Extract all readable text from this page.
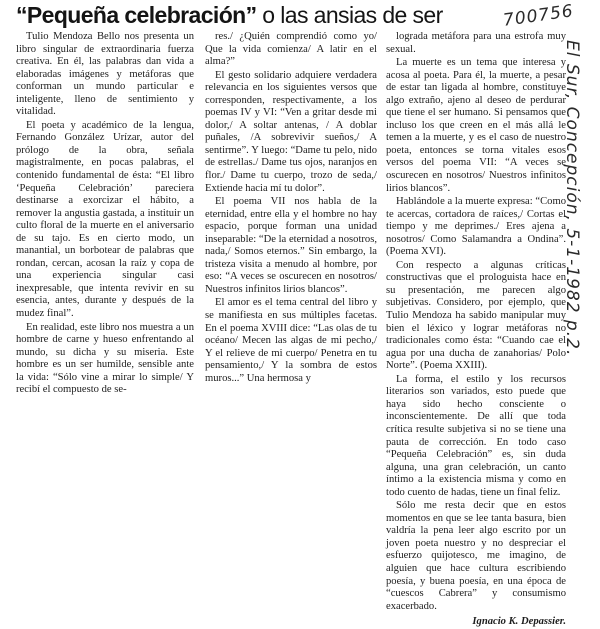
“Pequeña celebración” o las ansias de ser	700756
El Sur, Concepción, 5-1-1982 p.2.

Tulio Mendoza Bello nos presenta un libro singular de extraordinaria fuerza creativa. En él, las palabras dan vida a elaboradas imágenes y metáforas que conforman un mundo particular e inteligente, lleno de sentimiento y vitalidad.

El poeta y académico de la lengua, Fernando González Urízar, autor del prólogo de la obra, señala magistralmente, en pocas palabras, el contenido fundamental de ésta: “El libro ‘Pequeña Celebración’ pareciera destinarse a exorcizar el hábito, a remover la angustia gastada, a instituir un culto floral de la muerte en el aniversario de su tajo. Es en cierto modo, un manantial, un borbotear de palabras que rondan, cercan, acosan la raíz y copa de una experiencia singular casi inexpresable, que intenta revivir en su esencia, antes, durante y después de la mudez final”.

En realidad, este libro nos muestra a un hombre de carne y hueso enfrentando al mundo, su dicha y su miseria. Este hombre es un ser humilde, sensible ante la vida: “Sólo vine a mirar lo simple/ Y recibí el compuesto de se-

res./ ¿Quién comprendió como yo/ Que la vida comienza/ A latir en el alma?”

El gesto solidario adquiere verdadera relevancia en los siguientes versos que corresponden, respectivamente, a los poemas IV y VI: “Ven a gritar desde mi dolor,/ A soltar antenas, / A doblar puñales, /A sobrevivir sueños,/ A sentirme”. Y luego: “Dame tu pelo, nido de estrellas./ Dame tus ojos, naranjos en flor./ Dame tu cuerpo, trozo de seda,/ Extiende hacia mí tu dolor”.

El poema VII nos habla de la eternidad, entre ella y el hombre no hay espacio, porque forman una unidad inseparable: “De la eternidad a nosotros, nada,/ Somos eternos.” Sin embargo, la tristeza visita a menudo al hombre, por eso: “A veces se oscurecen en nosotros/ Nuestros infinitos lirios blancos”.

El amor es el tema central del libro y se manifiesta en sus múltiples facetas. En el poema XVIII dice: “Las olas de tu océano/ Mecen las algas de mi pecho,/ Y el relieve de mi cuerpo/ Penetra en tu pensamiento,/ Y la sombra de estos muros...” Una hermosa y

lograda metáfora para una estrofa muy sexual.

La muerte es un tema que interesa y acosa al poeta. Para él, la muerte, a pesar de estar tan ligada al hombre, constituye algo extraño, ajeno al deseo de perdurar que tiene el ser humano. Si pensamos que incluso los que creen en el más allá le temen a la muerte, y es el caso de nuestro poeta, entonces se torna vitales esos versos del poema VII: “A veces se oscurecen en nosotros/ Nuestros infinitos lirios blancos”.

Hablándole a la muerte expresa: “Como te acercas, cortadora de raíces,/ Cortas el tiempo y me deprimes./ Eres ajena a nosotros/ Como Salamandra a Ondina”. (Poema XVI).

Con respecto a algunas críticas constructivas que el prologuista hace en su presentación, me parecen algo subjetivas. Considero, por ejemplo, que Tulio Mendoza ha sabido manipular muy bien el léxico y lograr metáforas no tradicionales como ésta: “Cuando cae el agua por una ducha de zanahorias/ Polo Norte”. (Poema XXIII).

La forma, el estilo y los recursos literarios son variados, esto puede que haya sido hecho consciente o inconscientemente. De allí que toda crítica resulte subjetiva si no se tiene una pauta de corrección. En todo caso “Pequeña Celebración” es, sin duda alguna, una gran celebración, un canto íntimo a la existencia misma y como en todo cuento de hadas, tiene un final feliz.

Sólo me resta decir que en estos momentos en que se lee tanta basura, bien valdría la pena leer algo escrito por un joven poeta nuestro y no despreciar el esfuerzo quijotesco, me imagino, de alguien que hace cultura escribiendo poesía, y buena poesía, en una época de “cuescos Cabrera” y consumismo exacerbado.

Ignacio K. Depassier.
